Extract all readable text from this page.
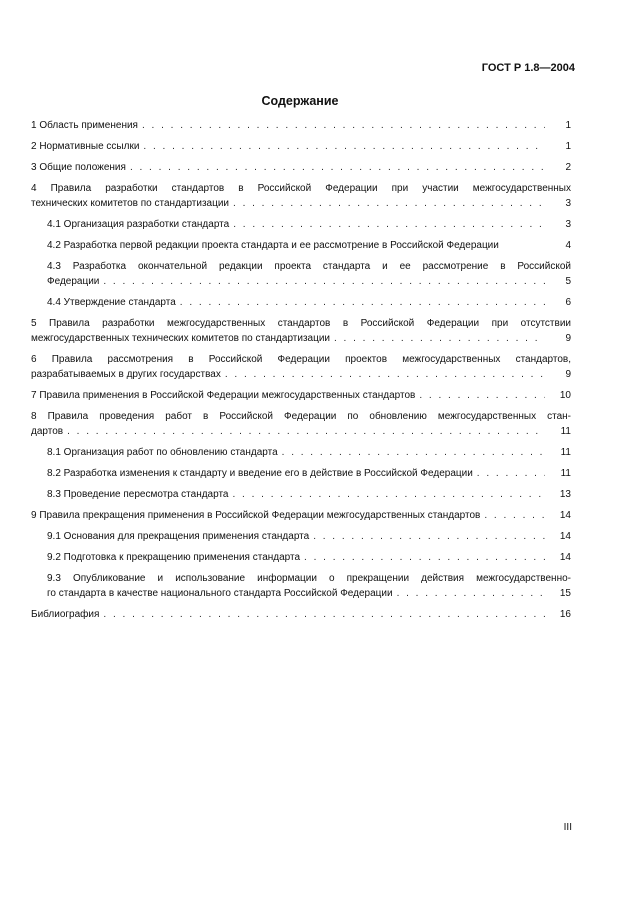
ГОСТ Р 1.8—2004
Содержание
1 Область применения . . .	1
2 Нормативные ссылки . . .	1
3 Общие положения . . .	2
4 Правила разработки стандартов в Российской Федерации при участии межгосударственных
технических комитетов по стандартизации . . .	3
4.1 Организация разработки стандарта . . .	3
4.2 Разработка первой редакции проекта стандарта и ее рассмотрение в Российской Федерации	4
4.3 Разработка окончательной редакции проекта стандарта и ее рассмотрение в Российской
Федерации . . .	5
4.4 Утверждение стандарта . . .	6
5 Правила разработки межгосударственных стандартов в Российской Федерации при отсутствии
межгосударственных технических комитетов по стандартизации . . .	9
6 Правила рассмотрения в Российской Федерации проектов межгосударственных стандартов,
разрабатываемых в других государствах . . .	9
7 Правила применения в Российской Федерации межгосударственных стандартов . . .	10
8 Правила проведения работ в Российской Федерации по обновлению межгосударственных стан-
дартов . . .	11
8.1 Организация работ по обновлению стандарта . . .	11
8.2 Разработка изменения к стандарту и введение его в действие в Российской Федерации . . .	11
8.3 Проведение пересмотра стандарта . . .	13
9 Правила прекращения применения в Российской Федерации межгосударственных стандартов . . .	14
9.1 Основания для прекращения применения стандарта . . .	14
9.2 Подготовка к прекращению применения стандарта . . .	14
9.3 Опубликование и использование информации о прекращении действия межгосударственно-
го стандарта в качестве национального стандарта Российской Федерации . . .	15
Библиография . . .	16
III
